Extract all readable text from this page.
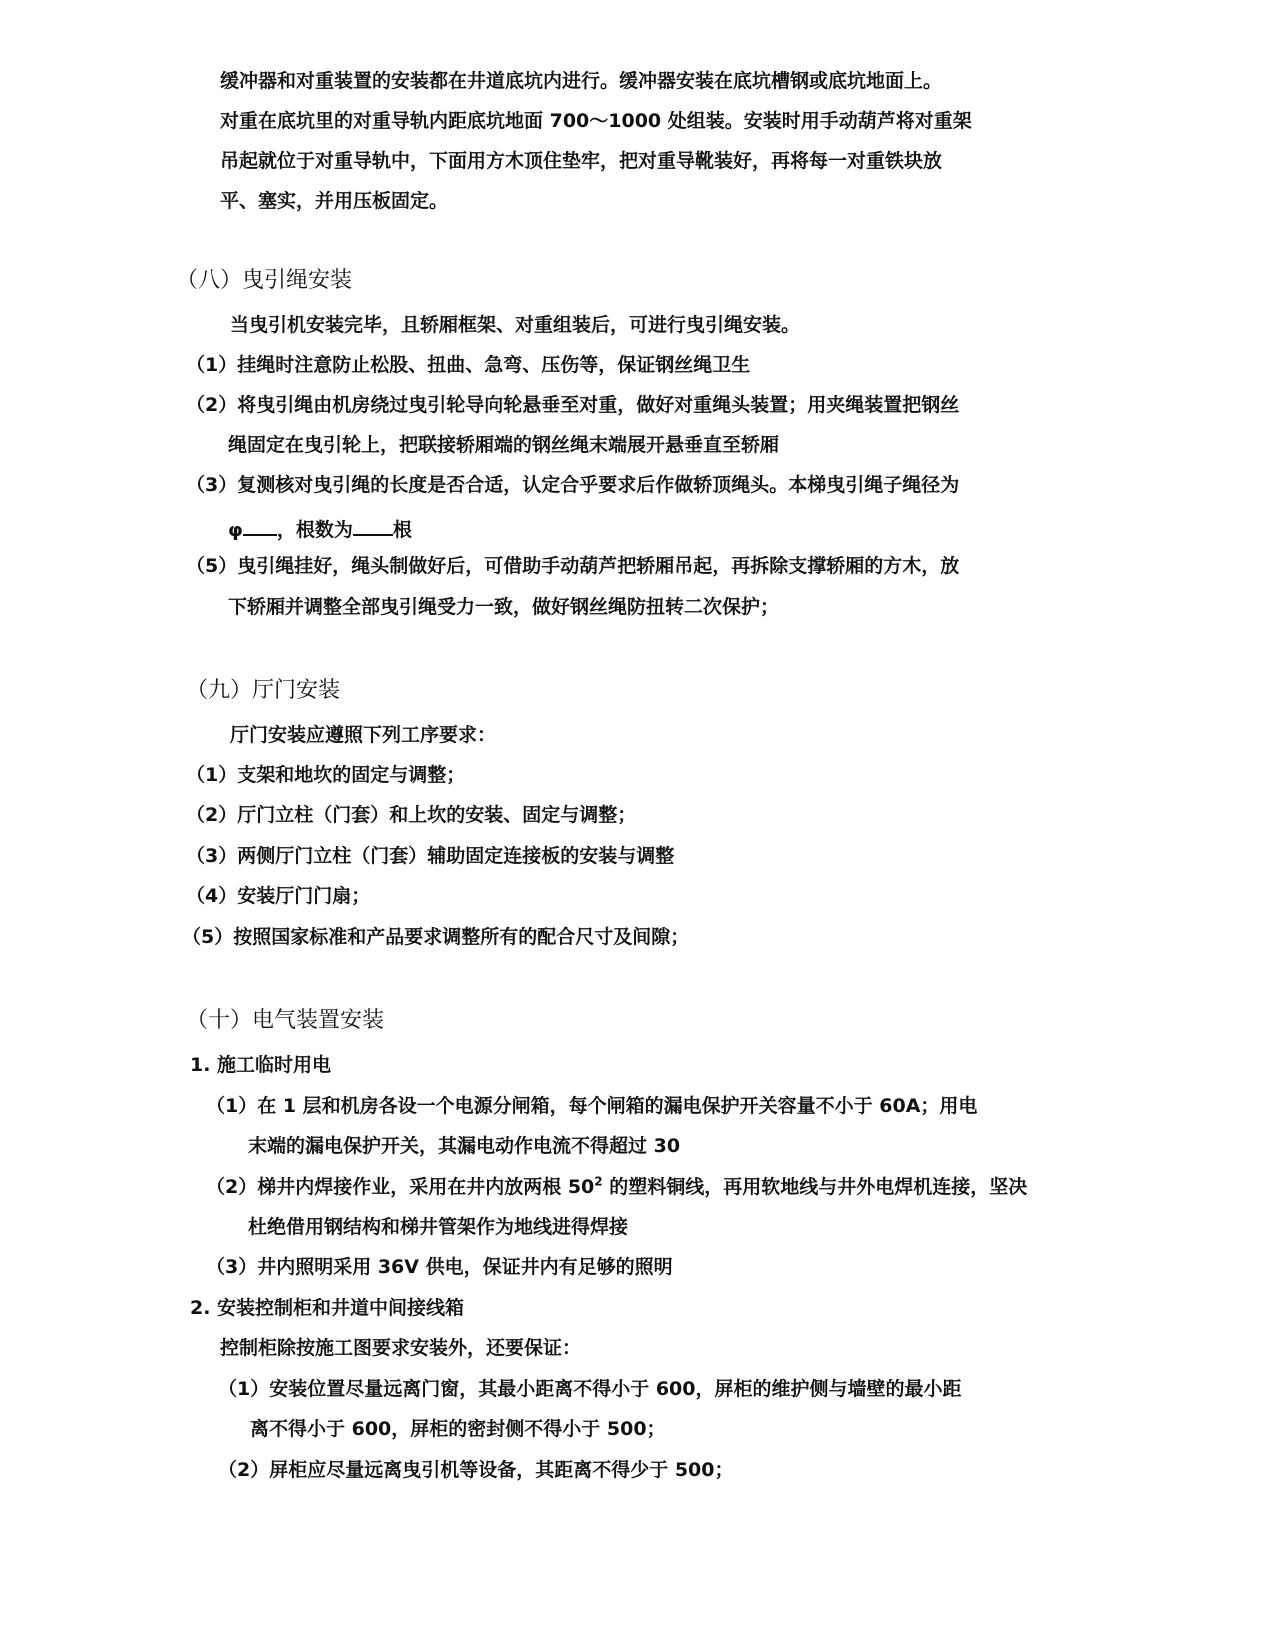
缓冲器和对重装置的安装都在井道底坑内进行。缓冲器安装在底坑槽钢或底坑地面上。
对重在底坑里的对重导轨内距底坑地面 700～1000 处组装。安装时用手动葫芦将对重架
吊起就位于对重导轨中，下面用方木顶住垫牢，把对重导靴装好，再将每一对重铁块放
平、塞实，并用压板固定。
（八）曳引绳安装
当曳引机安装完毕，且轿厢框架、对重组装后，可进行曳引绳安装。
（1）挂绳时注意防止松股、扭曲、急弯、压伤等，保证钢丝绳卫生
（2）将曳引绳由机房绕过曳引轮导向轮悬垂至对重，做好对重绳头装置；用夹绳装置把钢丝
绳固定在曳引轮上，把联接轿厢端的钢丝绳末端展开悬垂直至轿厢
（3）复测核对曳引绳的长度是否合适，认定合乎要求后作做轿顶绳头。本梯曳引绳子绳径为
φ ，根数为 根
（5）曳引绳挂好，绳头制做好后，可借助手动葫芦把轿厢吊起，再拆除支撑轿厢的方木，放
下轿厢并调整全部曳引绳受力一致，做好钢丝绳防扭转二次保护；
（九）厅门安装
厅门安装应遵照下列工序要求：
（1）支架和地坎的固定与调整；
（2）厅门立柱（门套）和上坎的安装、固定与调整；
（3）两侧厅门立柱（门套）辅助固定连接板的安装与调整
（4）安装厅门门扇；
（5）按照国家标准和产品要求调整所有的配合尺寸及间隙；
（十）电气装置安装
1. 施工临时用电
（1）在 1 层和机房各设一个电源分闸箱，每个闸箱的漏电保护开关容量不小于 60A；用电
末端的漏电保护开关，其漏电动作电流不得超过 30
（2）梯井内焊接作业，采用在井内放两根 $50^2$ 的塑料铜线，再用软地线与井外电焊机连接，坚决
杜绝借用钢结构和梯井管架作为地线进得焊接
（3）井内照明采用 36V 供电，保证井内有足够的照明
2. 安装控制柜和井道中间接线箱
控制柜除按施工图要求安装外，还要保证：
（1）安装位置尽量远离门窗，其最小距离不得小于 600，屏柜的维护侧与墙壁的最小距
离不得小于 600，屏柜的密封侧不得小于 500；
（2）屏柜应尽量远离曳引机等设备，其距离不得少于 500；
